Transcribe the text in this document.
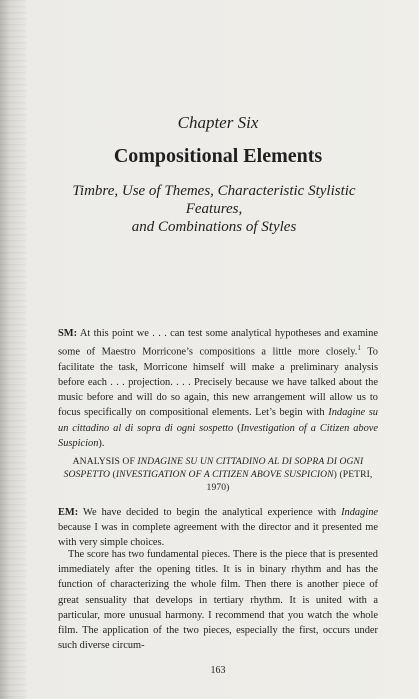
Chapter Six
Compositional Elements
Timbre, Use of Themes, Characteristic Stylistic Features,
and Combinations of Styles

SM: At this point we . . . can test some analytical hypotheses and examine some of Maestro Morricone’s compositions a little more closely.$^1$ To facilitate the task, Morricone himself will make a preliminary analysis before each . . . projection. . . . Precisely because we have talked about the music before and will do so again, this new arrangement will allow us to focus specifically on compositional elements. Let’s begin with Indagine su un cittadino al di sopra di ogni sospetto (Investigation of a Citizen above Suspicion).

ANALYSIS OF INDAGINE SU UN CITTADINO AL DI SOPRA DI OGNI SOSPETTO (INVESTIGATION OF A CITIZEN ABOVE SUSPICION) (PETRI, 1970)

EM: We have decided to begin the analytical experience with Indagine because I was in complete agreement with the director and it presented me with very simple choices.

The score has two fundamental pieces. There is the piece that is presented immediately after the opening titles. It is in binary rhythm and has the function of characterizing the whole film. Then there is another piece of great sensuality that develops in tertiary rhythm. It is united with a particular, more unusual harmony. I recommend that you watch the whole film. The application of the two pieces, especially the first, occurs under such diverse circum-

163
